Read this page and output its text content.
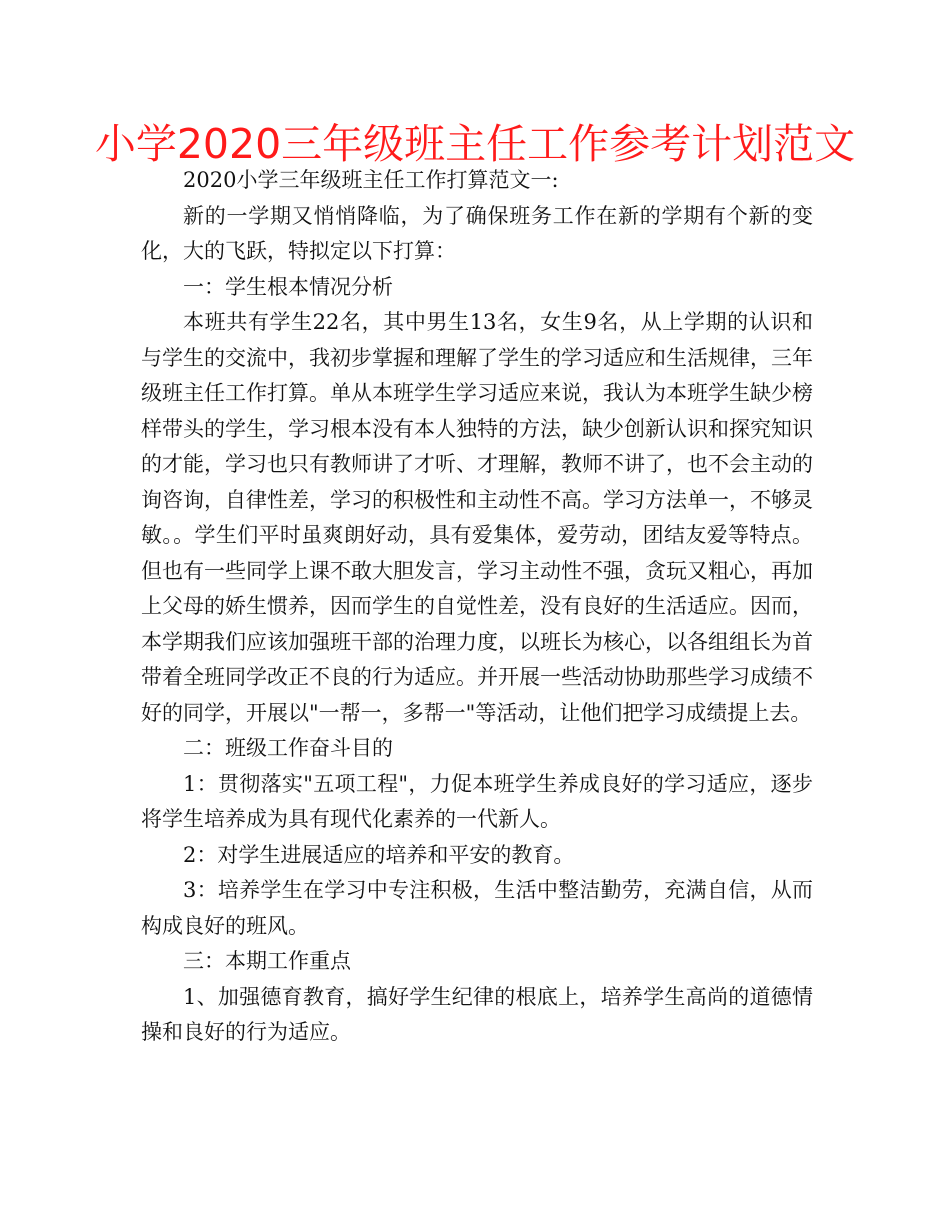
小学2020三年级班主任工作参考计划范文

2020小学三年级班主任工作打算范文一:

新的一学期又悄悄降临，为了确保班务工作在新的学期有个新的变化，大的飞跃，特拟定以下打算：

一：学生根本情况分析

本班共有学生22名，其中男生13名，女生9名，从上学期的认识和与学生的交流中，我初步掌握和理解了学生的学习适应和生活规律，三年级班主任工作打算。单从本班学生学习适应来说，我认为本班学生缺少榜样带头的学生，学习根本没有本人独特的方法，缺少创新认识和探究知识的才能，学习也只有教师讲了才听、才理解，教师不讲了，也不会主动的询咨询，自律性差，学习的积极性和主动性不高。学习方法单一，不够灵敏。。学生们平时虽爽朗好动，具有爱集体，爱劳动，团结友爱等特点。但也有一些同学上课不敢大胆发言，学习主动性不强，贪玩又粗心，再加上父母的娇生惯养，因而学生的自觉性差，没有良好的生活适应。因而，本学期我们应该加强班干部的治理力度，以班长为核心，以各组组长为首带着全班同学改正不良的行为适应。并开展一些活动协助那些学习成绩不好的同学，开展以"一帮一，多帮一"等活动，让他们把学习成绩提上去。

二：班级工作奋斗目的

1：贯彻落实"五项工程"，力促本班学生养成良好的学习适应，逐步将学生培养成为具有现代化素养的一代新人。

2：对学生进展适应的培养和平安的教育。

3：培养学生在学习中专注积极，生活中整洁勤劳，充满自信，从而构成良好的班风。

三：本期工作重点

1、加强德育教育，搞好学生纪律的根底上，培养学生高尚的道德情操和良好的行为适应。
